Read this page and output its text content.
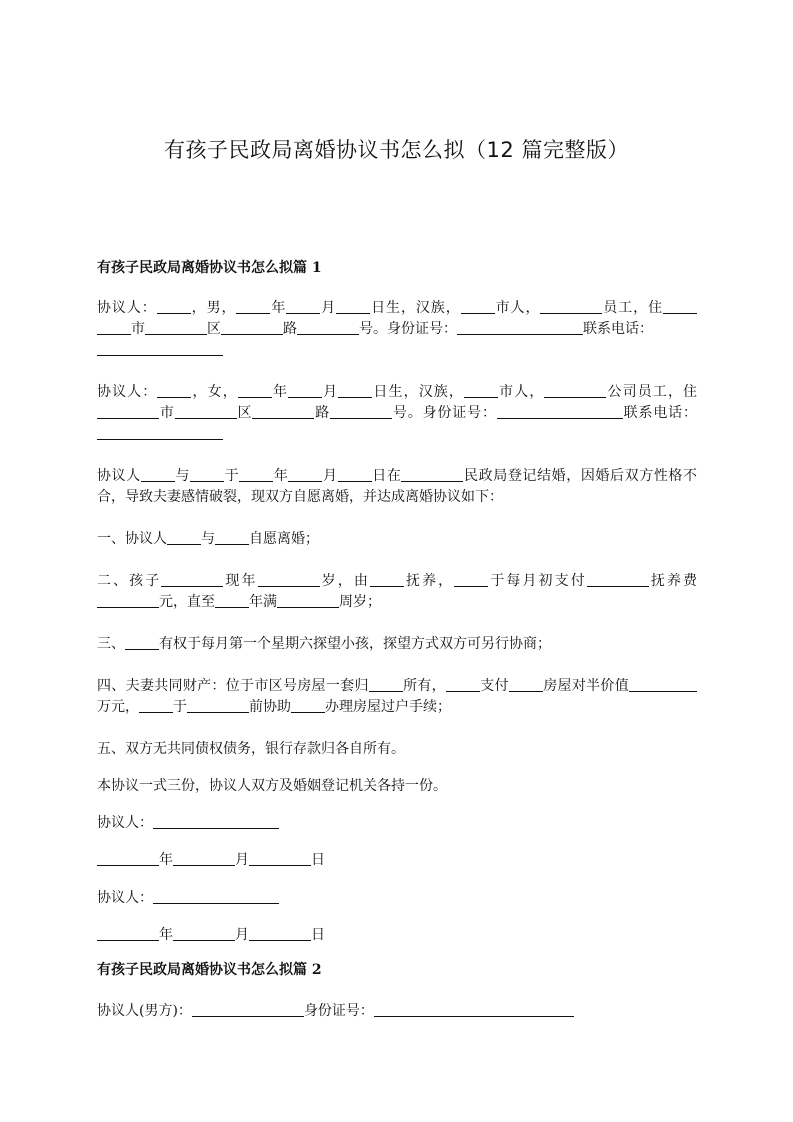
有孩子民政局离婚协议书怎么拟（12 篇完整版）

有孩子民政局离婚协议书怎么拟篇 1

协议人： ，男， 年 月 日生，汉族， 市人，	员工，住市	区	路	号。身份证号：	联系电话：

协议人： ，女， 年 月 日生，汉族， 市人，	公司员工，住市	区	路	号。身份证号：	联系电话：

协议人 与 于 年 月 日在	民政局登记结婚，因婚后双方性格不合，导致夫妻感情破裂，现双方自愿离婚，并达成离婚协议如下：

一、协议人 与 自愿离婚；

二、孩子	现年	岁，由 抚养， 于每月初支付	抚养费元，直至 年满	周岁；

三、 有权于每月第一个星期六探望小孩，探望方式双方可另行协商；

四、夫妻共同财产：位于市区号房屋一套归 所有， 支付 房屋对半价值万元， 于	前协助 办理房屋过户手续；

五、双方无共同债权债务，银行存款归各自所有。

本协议一式三份，协议人双方及婚姻登记机关各持一份。

协议人：

年	月	日

协议人：

年	月	日

有孩子民政局离婚协议书怎么拟篇 2

协议人(男方)：	身份证号：
